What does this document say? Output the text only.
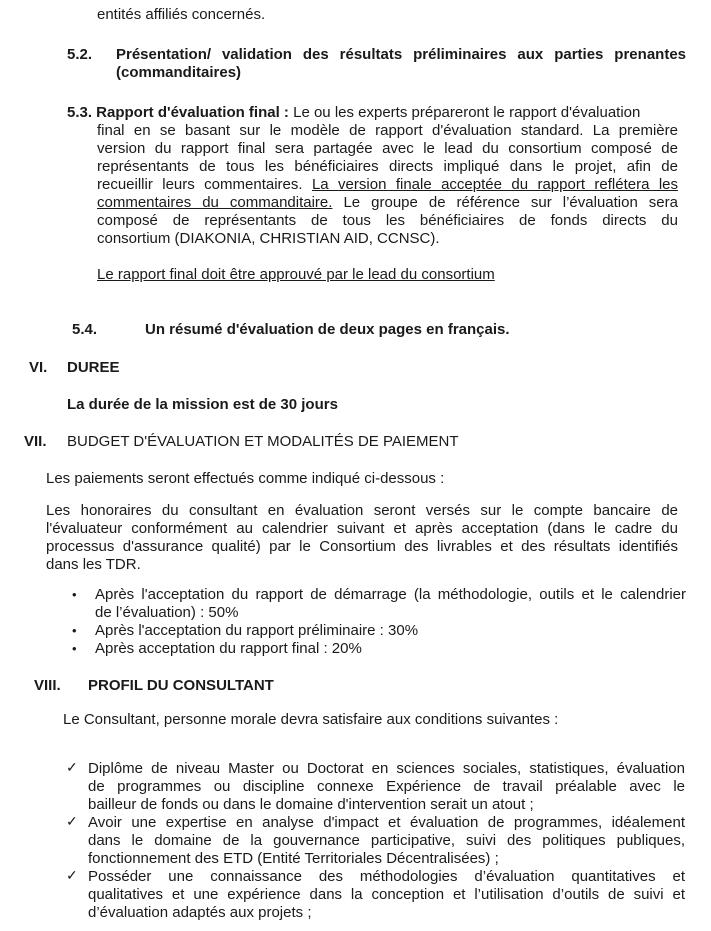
entités affiliés concernés.
5.2. Présentation/ validation des résultats préliminaires aux parties prenantes
(commanditaires)
5.3. Rapport d'évaluation final : Le ou les experts prépareront le rapport d'évaluation
final en se basant sur le modèle de rapport d'évaluation standard. La première
version du rapport final sera partagée avec le lead du consortium composé de
représentants de tous les bénéficiaires directs impliqué dans le projet, afin de
recueillir leurs commentaires. La version finale acceptée du rapport reflétera les
commentaires du commanditaire. Le groupe de référence sur l’évaluation sera
composé de représentants de tous les bénéficiaires de fonds directs du
consortium (DIAKONIA, CHRISTIAN AID, CCNSC).
Le rapport final doit être approuvé par le lead du consortium
5.4.	Un résumé d'évaluation de deux pages en français.
VI. DUREE
La durée de la mission est de 30 jours
VII. BUDGET D'ÉVALUATION ET MODALITÉS DE PAIEMENT
Les paiements seront effectués comme indiqué ci-dessous :
Les honoraires du consultant en évaluation seront versés sur le compte bancaire de
l'évaluateur conformément au calendrier suivant et après acceptation (dans le cadre du
processus d'assurance qualité) par le Consortium des livrables et des résultats identifiés
dans les TDR.
• Après l'acceptation du rapport de démarrage (la méthodologie, outils et le calendrier
de l’évaluation) : 50%
• Après l'acceptation du rapport préliminaire : 30%
• Après acceptation du rapport final : 20%
VIII. PROFIL DU CONSULTANT
Le Consultant, personne morale devra satisfaire aux conditions suivantes :
✓ Diplôme de niveau Master ou Doctorat en sciences sociales, statistiques, évaluation
de programmes ou discipline connexe Expérience de travail préalable avec le
bailleur de fonds ou dans le domaine d'intervention serait un atout ;
✓ Avoir une expertise en analyse d'impact et évaluation de programmes, idéalement
dans le domaine de la gouvernance participative, suivi des politiques publiques,
fonctionnement des ETD (Entité Territoriales Décentralisées) ;
✓ Posséder une connaissance des méthodologies d’évaluation quantitatives et
qualitatives et une expérience dans la conception et l’utilisation d’outils de suivi et
d’évaluation adaptés aux projets ;
